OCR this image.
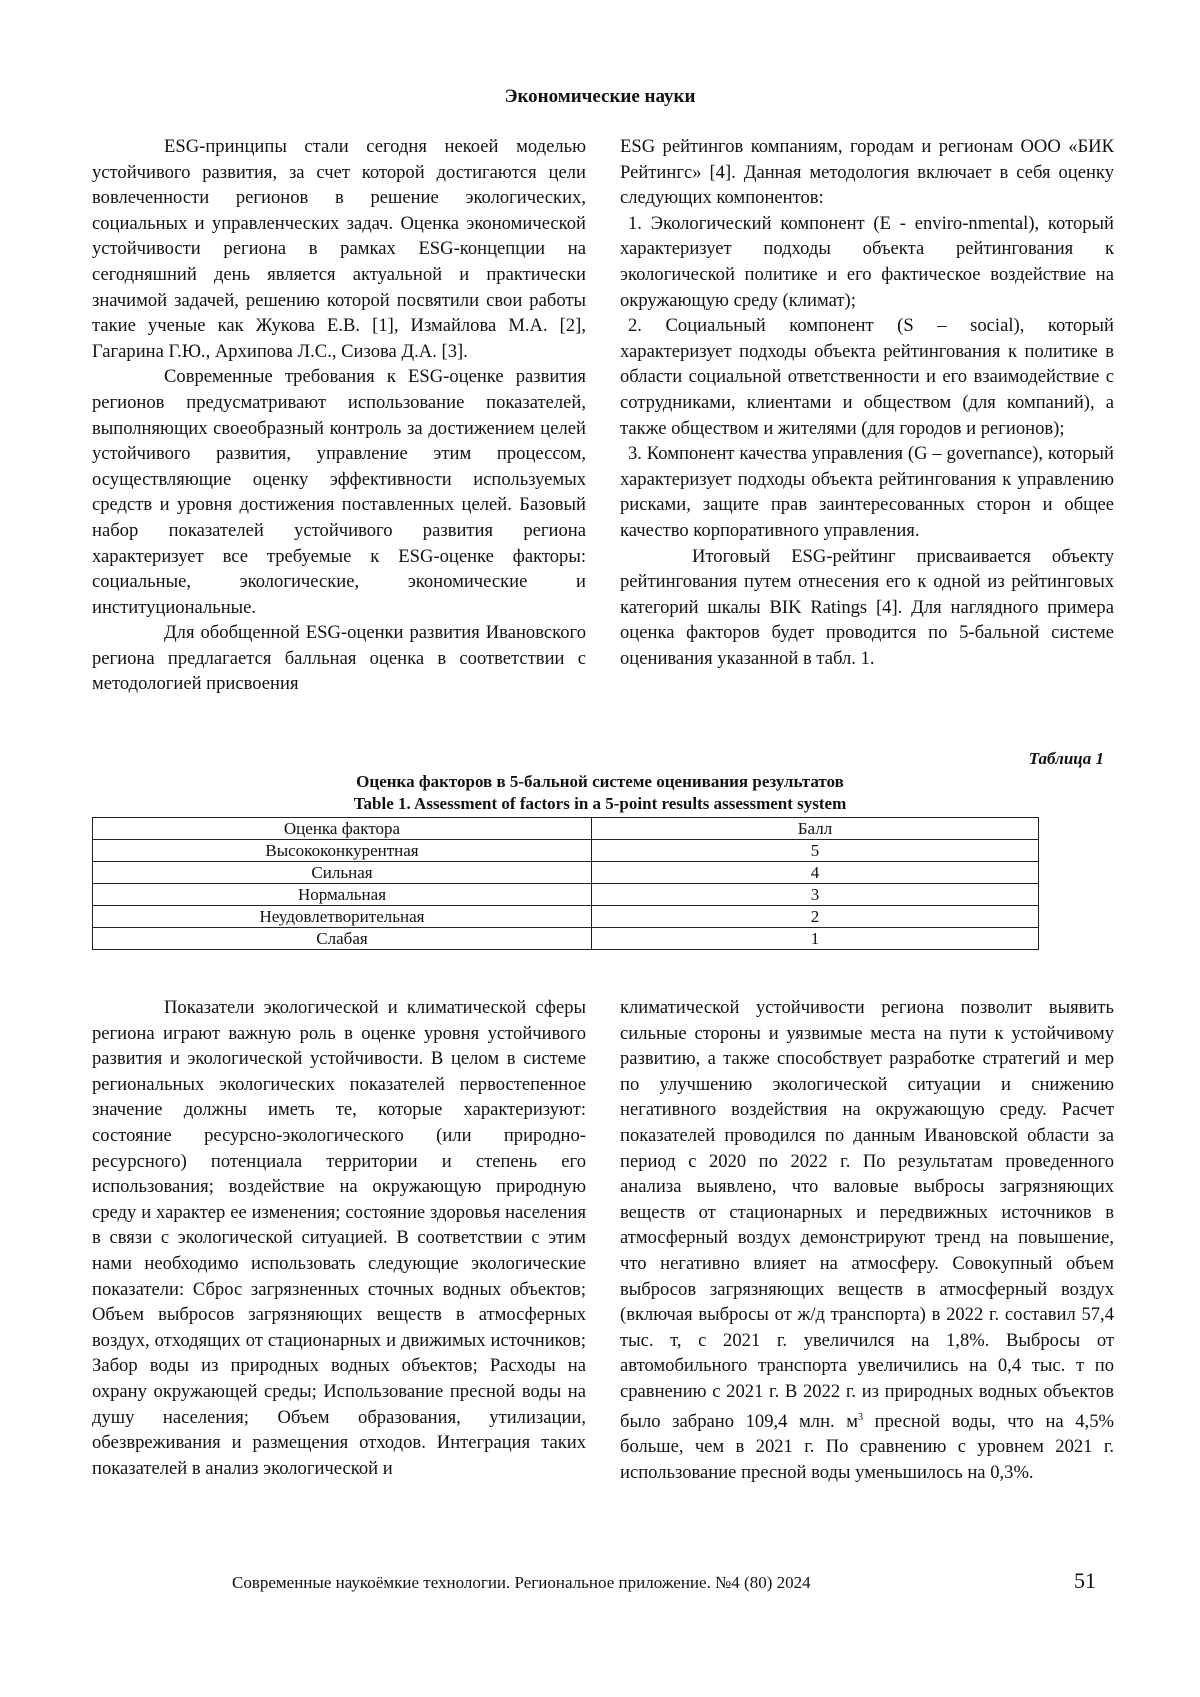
Экономические науки

ESG-принципы стали сегодня некоей моделью устойчивого развития, за счет которой достигаются цели вовлеченности регионов в решение экологических, социальных и управленческих задач. Оценка экономической устойчивости региона в рамках ESG-концепции на сегодняшний день является актуальной и практически значимой задачей, решению которой посвятили свои работы такие ученые как Жукова Е.В. [1], Измайлова М.А. [2], Гагарина Г.Ю., Архипова Л.С., Сизова Д.А. [3].

Современные требования к ESG-оценке развития регионов предусматривают использование показателей, выполняющих своеобразный контроль за достижением целей устойчивого развития, управление этим процессом, осуществляющие оценку эффективности используемых средств и уровня достижения поставленных целей. Базовый набор показателей устойчивого развития региона характеризует все требуемые к ESG-оценке факторы: социальные, экологические, экономические и институциональные.

Для обобщенной ESG-оценки развития Ивановского региона предлагается балльная оценка в соответствии с методологией присвоения

ESG рейтингов компаниям, городам и регионам ООО «БИК Рейтингс» [4]. Данная методология включает в себя оценку следующих компонентов:

1. Экологический компонент (E - enviro-nmental), который характеризует подходы объекта рейтингования к экологической политике и его фактическое воздействие на окружающую среду (климат);

2. Социальный компонент (S – social), который характеризует подходы объекта рейтингования к политике в области социальной ответственности и его взаимодействие с сотрудниками, клиентами и обществом (для компаний), а также обществом и жителями (для городов и регионов);

3. Компонент качества управления (G – governance), который характеризует подходы объекта рейтингования к управлению рисками, защите прав заинтересованных сторон и общее качество корпоративного управления.

Итоговый ESG-рейтинг присваивается объекту рейтингования путем отнесения его к одной из рейтинговых категорий шкалы BIK Ratings [4]. Для наглядного примера оценка факторов будет проводится по 5-бальной системе оценивания указанной в табл. 1.

Таблица 1
Оценка факторов в 5-бальной системе оценивания результатов
Table 1. Assessment of factors in a 5-point results assessment system
Оценка фактора	Балл
Высококонкурентная	5
Сильная	4
Нормальная	3
Неудовлетворительная	2
Слабая	1

Показатели экологической и климатической сферы региона играют важную роль в оценке уровня устойчивого развития и экологической устойчивости. В целом в системе региональных экологических показателей первостепенное значение должны иметь те, которые характеризуют: состояние ресурсно-экологического (или природно-ресурсного) потенциала территории и степень его использования; воздействие на окружающую природную среду и характер ее изменения; состояние здоровья населения в связи с экологической ситуацией. В соответствии с этим нами необходимо использовать следующие экологические показатели: Сброс загрязненных сточных водных объектов; Объем выбросов загрязняющих веществ в атмосферных воздух, отходящих от стационарных и движимых источников; Забор воды из природных водных объектов; Расходы на охрану окружающей среды; Использование пресной воды на душу населения; Объем образования, утилизации, обезвреживания и размещения отходов. Интеграция таких показателей в анализ экологической и

климатической устойчивости региона позволит выявить сильные стороны и уязвимые места на пути к устойчивому развитию, а также способствует разработке стратегий и мер по улучшению экологической ситуации и снижению негативного воздействия на окружающую среду. Расчет показателей проводился по данным Ивановской области за период с 2020 по 2022 г. По результатам проведенного анализа выявлено, что валовые выбросы загрязняющих веществ от стационарных и передвижных источников в атмосферный воздух демонстрируют тренд на повышение, что негативно влияет на атмосферу. Совокупный объем выбросов загрязняющих веществ в атмосферный воздух (включая выбросы от ж/д транспорта) в 2022 г. составил 57,4 тыс. т, с 2021 г. увеличился на 1,8%. Выбросы от автомобильного транспорта увеличились на 0,4 тыс. т по сравнению с 2021 г. В 2022 г. из природных водных объектов было забрано 109,4 млн. $м^3$ пресной воды, что на 4,5% больше, чем в 2021 г. По сравнению с уровнем 2021 г. использование пресной воды уменьшилось на 0,3%.

Современные наукоёмкие технологии. Региональное приложение. №4 (80) 2024	51
